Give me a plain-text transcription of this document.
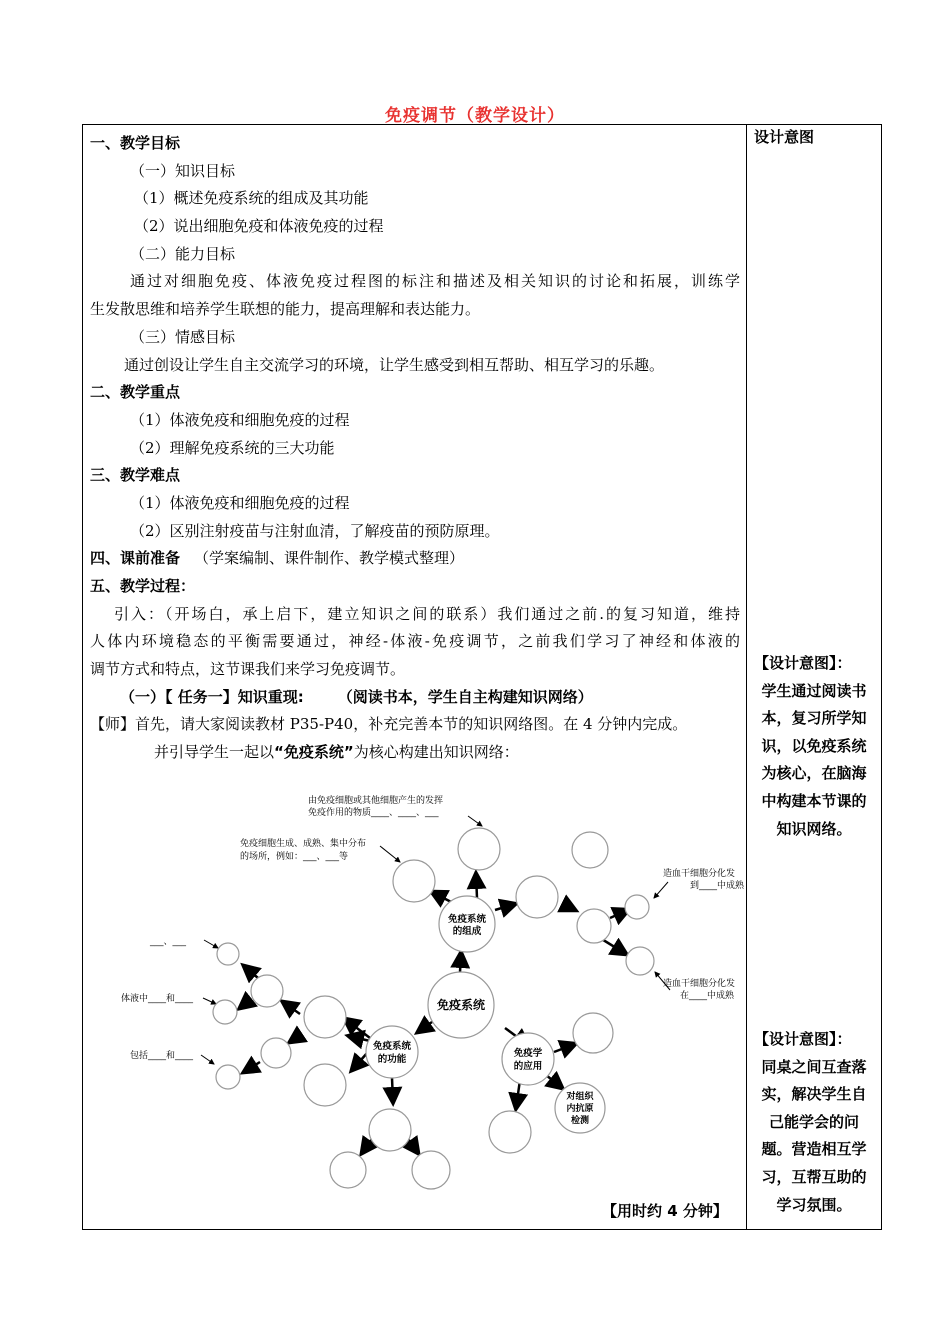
免疫调节（教学设计）
设计意图
一、教学目标
（一）知识目标
（1）概述免疫系统的组成及其功能
（2）说出细胞免疫和体液免疫的过程
（二）能力目标
通过对细胞免疫、体液免疫过程图的标注和描述及相关知识的讨论和拓展，训练学
生发散思维和培养学生联想的能力，提高理解和表达能力。
（三）情感目标
通过创设让学生自主交流学习的环境，让学生感受到相互帮助、相互学习的乐趣。
二、教学重点
（1）体液免疫和细胞免疫的过程
（2）理解免疫系统的三大功能
三、教学难点
（1）体液免疫和细胞免疫的过程
（2）区别注射疫苗与注射血清，了解疫苗的预防原理。
四、课前准备 （学案编制、课件制作、教学模式整理）
五、教学过程：
引入：（开场白，承上启下，建立知识之间的联系）我们通过之前.的复习知道，维持
人体内环境稳态的平衡需要通过，神经-体液-免疫调节，之前我们学习了神经和体液的
调节方式和特点，这节课我们来学习免疫调节。
（一）【 任务一】知识重现: （阅读书本，学生自主构建知识网络）
【师】首先，请大家阅读教材 P35-P40，补充完善本节的知识网络图。在 4 分钟内完成。
并引导学生一起以“免疫系统”为核心构建出知识网络：
【设计意图】：
学生通过阅读书
本，复习所学知
识，以免疫系统
为核心，在脑海
中构建本节课的
知识网络。
【设计意图】：
同桌之间互查落
实，解决学生自
己能学会的问
题。营造相互学
习，互帮互助的
学习氛围。
免疫系统
免疫系统
的组成
免疫系统
的功能
免疫学
的应用
对组织
内抗原
检测
由免疫细胞或其他细胞产生的发挥
免疫作用的物质____、____、___
免疫细胞生成、成熟、集中分布
的场所，例如：___、___等
造血干细胞分化发
到____中成熟
造血干细胞分化发
在____中成熟
___、___
体液中____和____
包括____和____
【用时约 4 分钟】
